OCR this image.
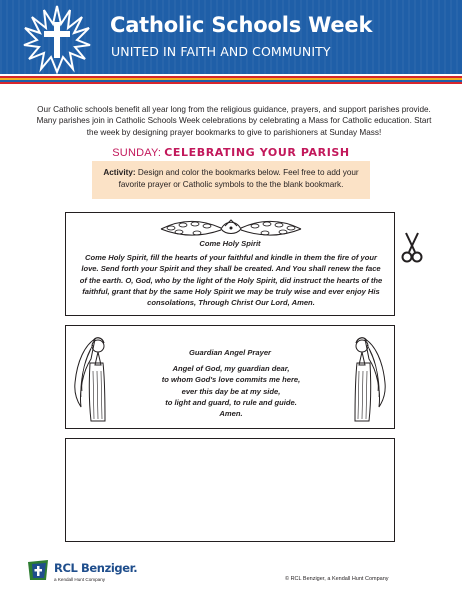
Catholic Schools Week
UNITED IN FAITH AND COMMUNITY

Our Catholic schools benefit all year long from the religious guidance, prayers, and support parishes provide. Many parishes join in Catholic Schools Week celebrations by celebrating a Mass for Catholic education. Start the week by designing prayer bookmarks to give to parishioners at Sunday Mass!

SUNDAY: CELEBRATING YOUR PARISH
Activity: Design and color the bookmarks below. Feel free to add your favorite prayer or Catholic symbols to the the blank bookmark.
Come Holy Spirit
Come Holy Spirit, fill the hearts of your faithful and kindle in them the fire of your love. Send forth your Spirit and they shall be created. And You shall renew the face of the earth. O, God, who by the light of the Holy Spirit, did instruct the hearts of the faithful, grant that by the same Holy Spirit we may be truly wise and ever enjoy His consolations, Through Christ Our Lord, Amen.
Guardian Angel Prayer
Angel of God, my guardian dear,
to whom God's love commits me here,
ever this day be at my side,
to light and guard, to rule and guide.
Amen.
RCL Benziger.
a Kendall Hunt Company	© RCL Benziger, a Kendall Hunt Company
